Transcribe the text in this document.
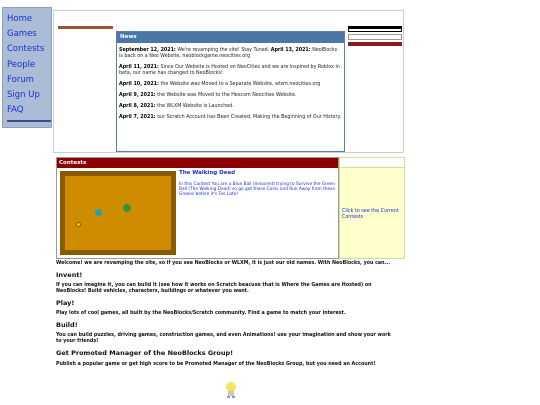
Home
Games
Contests
People
Forum
Sign Up
FAQ
.
News

September 12, 2021: We're revamping the site! Stay Tuned. April 13, 2021: NeoBlocks is back on a Neo Website, neoblockgame.neocities.org

April 11, 2021: Since Our Website is Hosted on NeoCities and we are inspired by Roblox in beta, our name has changed to NeoBlocks!

April 10, 2021: the Website was Moved to a Separate Website, wlxm.neocities.org

April 9, 2021: the Website was Moved to the Hexcom Neocities Website.

April 8, 2021: the WLXM Website is Launched.

April 7, 2021: our Scratch Account has Been Created, Making the Beginning of Our History.

Contests
The Walking Dead
In this Contest You are a Blue Ball (Innocent) trying to Survive the Green Ball (The Walking Dead) so go get those Coins and Run Away from these Greens before it's Too Late!
Click to see the Current Contests

Welcome! we are revamping the site, so if you see NeoBlocks or WLXM, it is just our old names. With NeoBlocks, you can...

Invent!

If you can imagine it, you can build it (see how it works on Scratch beacuse that is Where the Games are Hosted) on NeoBlocks! Build vehicles, characters, buildings or whatever you want.

Play!

Play lots of cool games, all built by the NeoBlocks/Scratch community. Find a game to match your interest.

Build!

You can build puzzles, driving games, construction games, and even Animations! use your imagination and show your work to your friends!

Get Promoted Manager of the NeoBlocks Group!

Publish a popular game or get high score to be Promoted Manager of the NeoBlocks Group, but you need an Account!
